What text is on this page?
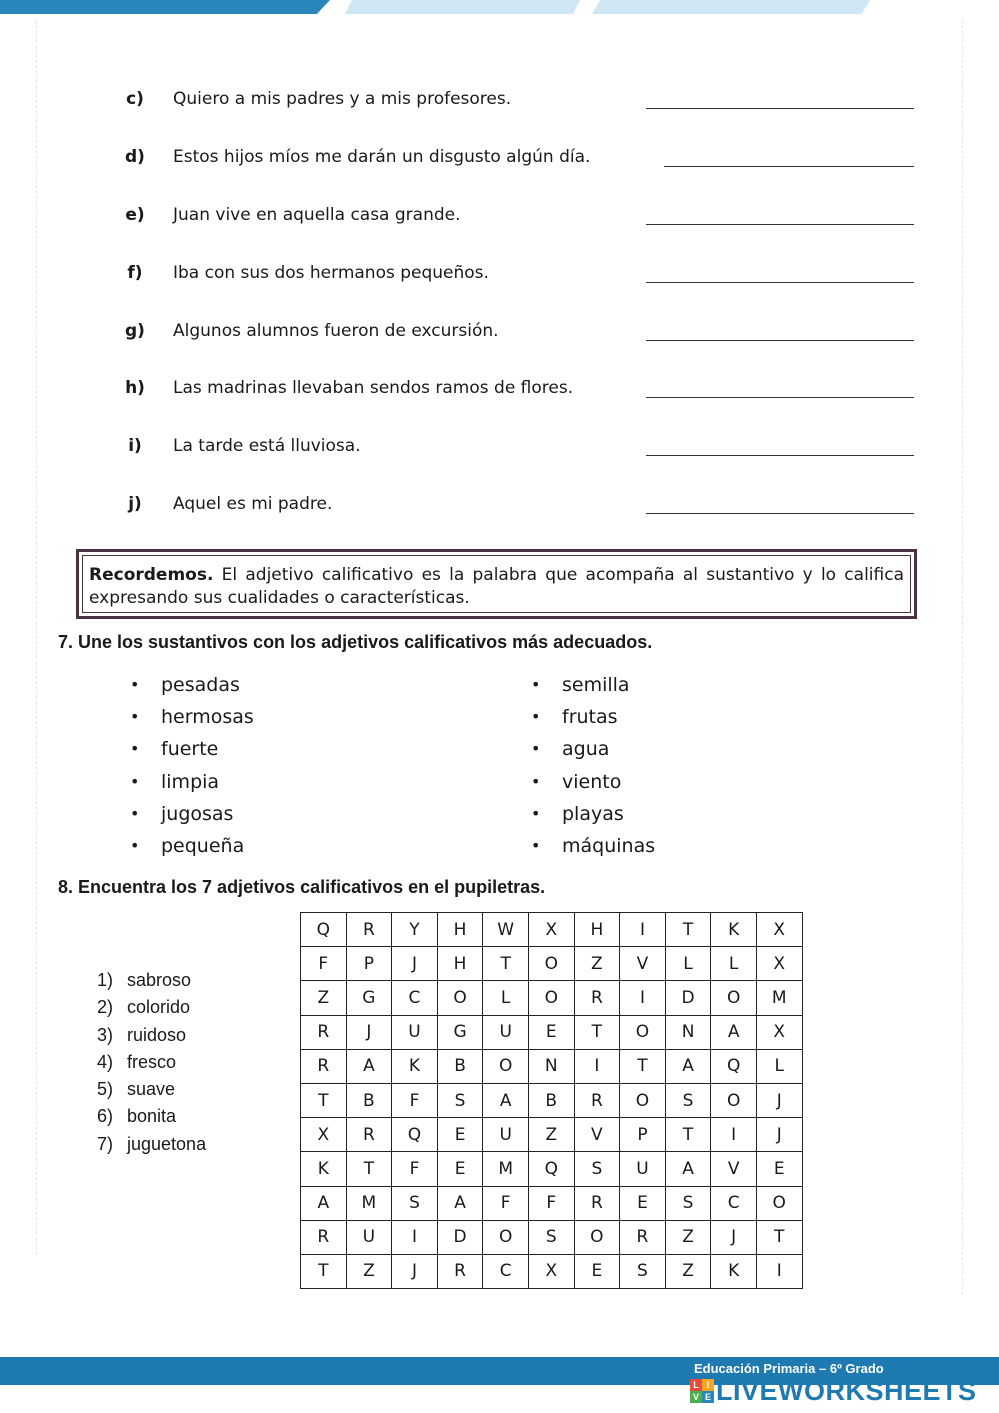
c)	Quiero a mis padres y a mis profesores.
d)	Estos hijos míos me darán un disgusto algún día.
e)	Juan vive en aquella casa grande.
f)	Iba con sus dos hermanos pequeños.
g)	Algunos alumnos fueron de excursión.
h)	Las madrinas llevaban sendos ramos de flores.
i)	La tarde está lluviosa.
j)	Aquel es mi padre.
Recordemos. El adjetivo calificativo es la palabra que acompaña al sustantivo y lo califica expresando sus cualidades o características.
7. Une los sustantivos con los adjetivos calificativos más adecuados.
• pesadas
• hermosas
• fuerte
• limpia
• jugosas
• pequeña
• semilla
• frutas
• agua
• viento
• playas
• máquinas
8. Encuentra los 7 adjetivos calificativos en el pupiletras.
1) sabroso
2) colorido
3) ruidoso
4) fresco
5) suave
6) bonita
7) juguetona
Q	R	Y	H	W	X	H	I	T	K	X
F	P	J	H	T	O	Z	V	L	L	X
Z	G	C	O	L	O	R	I	D	O	M
R	J	U	G	U	E	T	O	N	A	X
R	A	K	B	O	N	I	T	A	Q	L
T	B	F	S	A	B	R	O	S	O	J
X	R	Q	E	U	Z	V	P	T	I	J
K	T	F	E	M	Q	S	U	A	V	E
A	M	S	A	F	F	R	E	S	C	O
R	U	I	D	O	S	O	R	Z	J	T
T	Z	J	R	C	X	E	S	Z	K	I
Educación Primaria – 6º Grado
L I
V E LIVEWORKSHEETS
